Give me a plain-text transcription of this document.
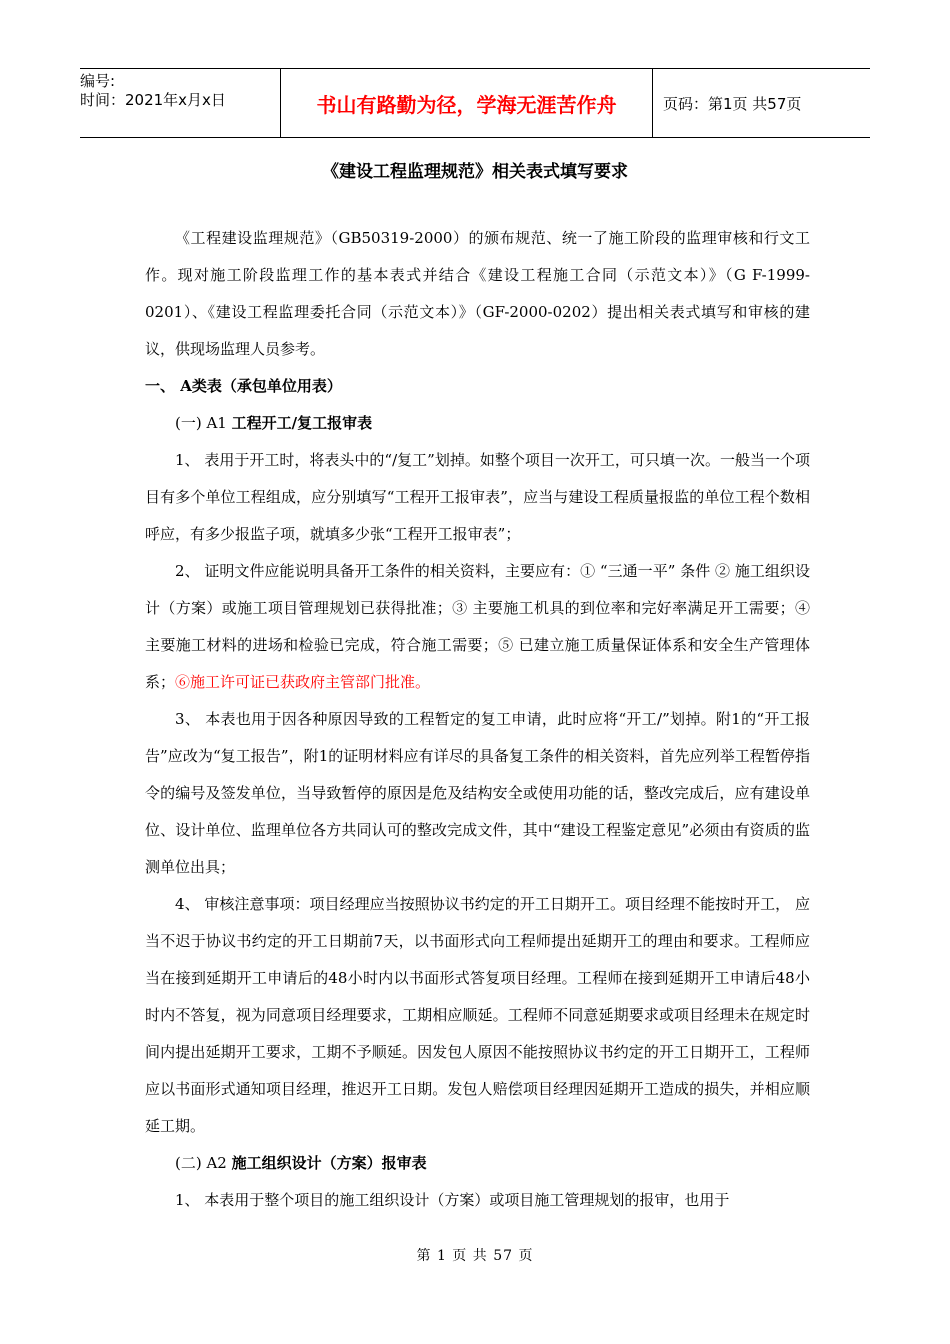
编号:
时间：2021年x月x日	书山有路勤为径，学海无涯苦作舟	页码：第1页 共57页
《建设工程监理规范》相关表式填写要求
《工程建设监理规范》（GB50319-2000）的颁布规范、统一了施工阶段的监理审核和行文工作。现对施工阶段监理工作的基本表式并结合《建设工程施工合同（示范文本）》（G F-1999-0201）、《建设工程监理委托合同（示范文本）》（GF-2000-0202）提出相关表式填写和审核的建议，供现场监理人员参考。
一、 A类表（承包单位用表）
(一) A1 工程开工/复工报审表
1、 表用于开工时，将表头中的“/复工”划掉。如整个项目一次开工，可只填一次。一般当一个项目有多个单位工程组成，应分别填写“工程开工报审表”，应当与建设工程质量报监的单位工程个数相呼应，有多少报监子项，就填多少张“工程开工报审表”；
2、 证明文件应能说明具备开工条件的相关资料，主要应有：① “三通一平” 条件 ② 施工组织设计（方案）或施工项目管理规划已获得批准；③ 主要施工机具的到位率和完好率满足开工需要；④ 主要施工材料的进场和检验已完成，符合施工需要；⑤ 已建立施工质量保证体系和安全生产管理体系；⑥施工许可证已获政府主管部门批准。
3、 本表也用于因各种原因导致的工程暂定的复工申请，此时应将“开工/”划掉。附1的“开工报告”应改为“复工报告”，附1的证明材料应有详尽的具备复工条件的相关资料，首先应列举工程暂停指令的编号及签发单位，当导致暂停的原因是危及结构安全或使用功能的话，整改完成后，应有建设单位、设计单位、监理单位各方共同认可的整改完成文件，其中“建设工程鉴定意见”必须由有资质的监测单位出具；
4、 审核注意事项：项目经理应当按照协议书约定的开工日期开工。项目经理不能按时开工， 应当不迟于协议书约定的开工日期前7天，以书面形式向工程师提出延期开工的理由和要求。工程师应当在接到延期开工申请后的48小时内以书面形式答复项目经理。工程师在接到延期开工申请后48小时内不答复，视为同意项目经理要求，工期相应顺延。工程师不同意延期要求或项目经理未在规定时间内提出延期开工要求，工期不予顺延。因发包人原因不能按照协议书约定的开工日期开工，工程师应以书面形式通知项目经理，推迟开工日期。发包人赔偿项目经理因延期开工造成的损失，并相应顺延工期。
(二) A2 施工组织设计（方案）报审表
1、 本表用于整个项目的施工组织设计（方案）或项目施工管理规划的报审，也用于
第 1 页 共 57 页
